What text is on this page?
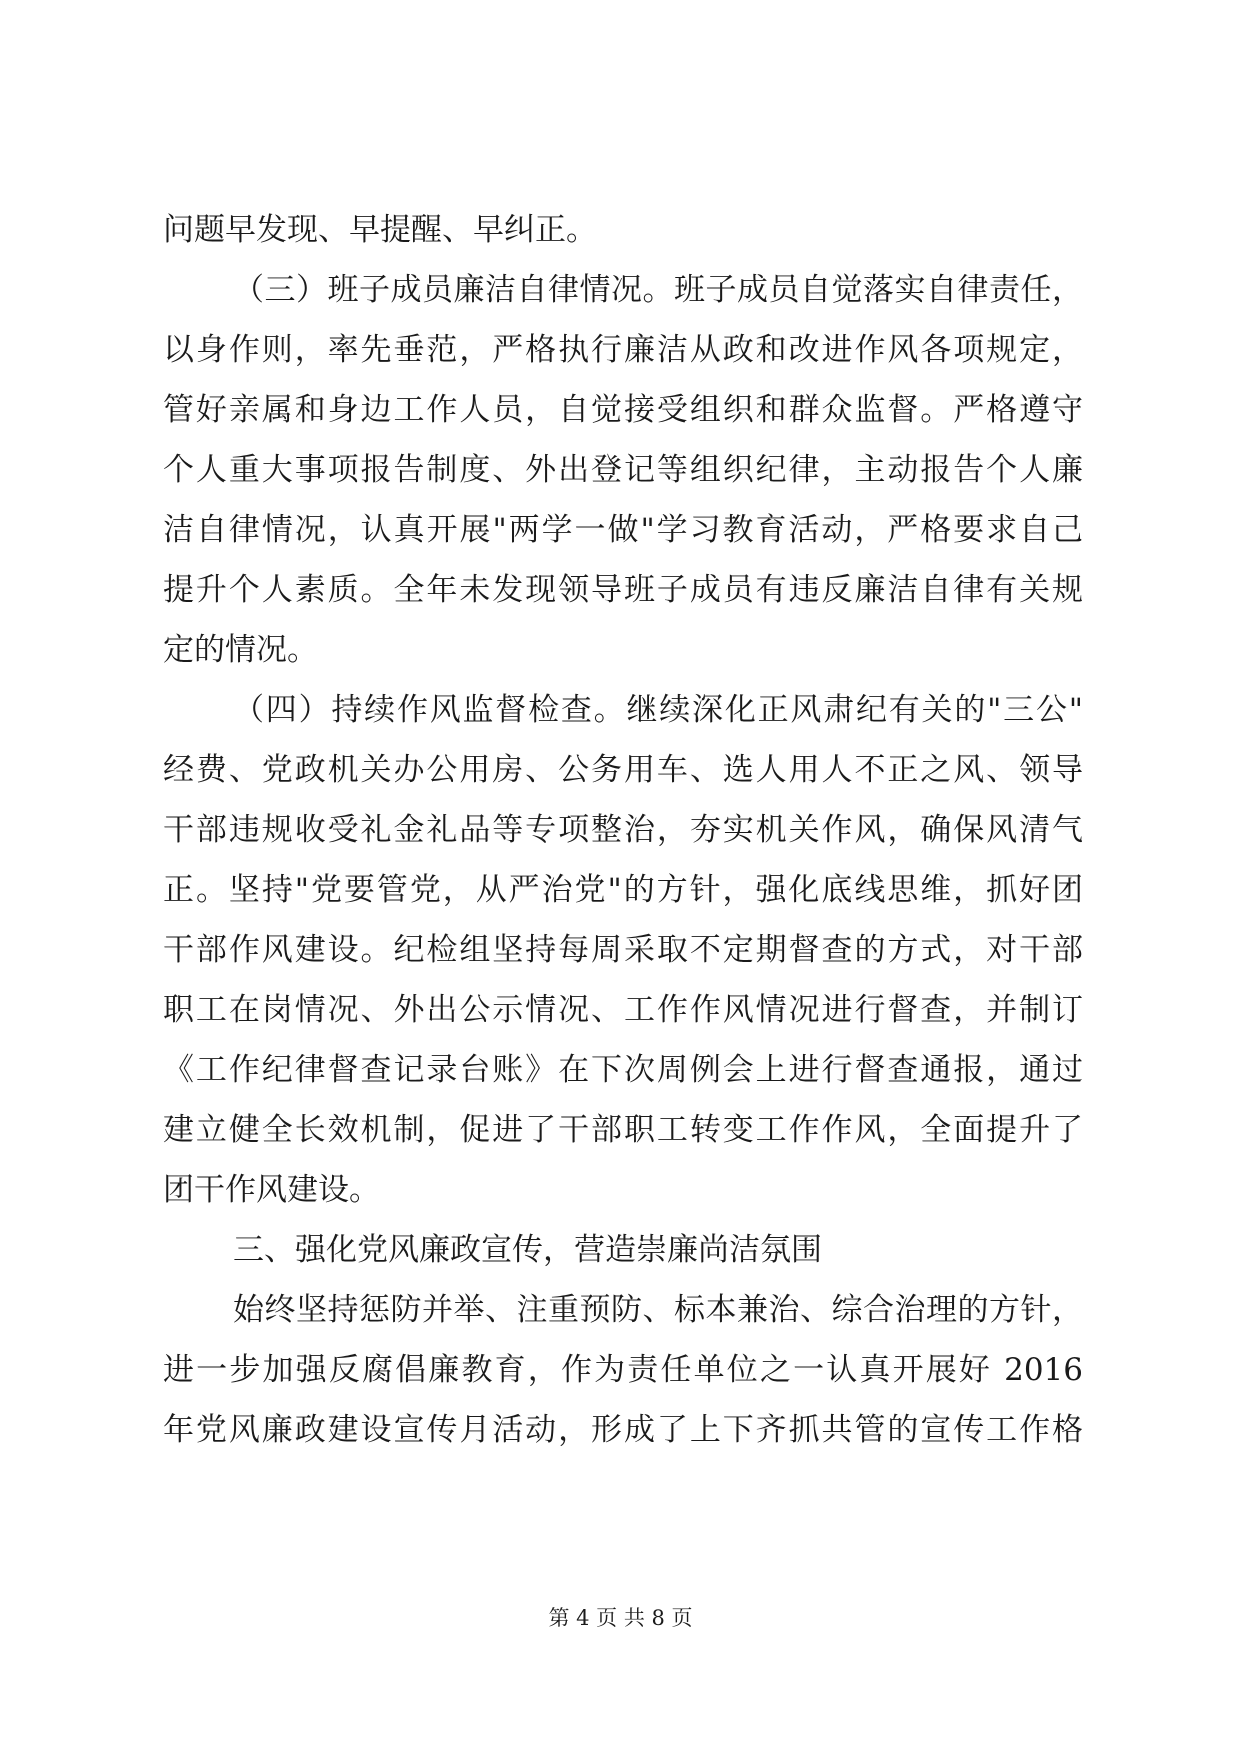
问题早发现、早提醒、早纠正。
（三）班子成员廉洁自律情况。班子成员自觉落实自律责任，
以身作则，率先垂范，严格执行廉洁从政和改进作风各项规定，
管好亲属和身边工作人员，自觉接受组织和群众监督。严格遵守
个人重大事项报告制度、外出登记等组织纪律，主动报告个人廉
洁自律情况，认真开展"两学一做"学习教育活动，严格要求自己
提升个人素质。全年未发现领导班子成员有违反廉洁自律有关规
定的情况。
（四）持续作风监督检查。继续深化正风肃纪有关的"三公"
经费、党政机关办公用房、公务用车、选人用人不正之风、领导
干部违规收受礼金礼品等专项整治，夯实机关作风，确保风清气
正。坚持"党要管党，从严治党"的方针，强化底线思维，抓好团
干部作风建设。纪检组坚持每周采取不定期督查的方式，对干部
职工在岗情况、外出公示情况、工作作风情况进行督查，并制订
《工作纪律督查记录台账》在下次周例会上进行督查通报，通过
建立健全长效机制，促进了干部职工转变工作作风，全面提升了
团干作风建设。
三、强化党风廉政宣传，营造崇廉尚洁氛围
始终坚持惩防并举、注重预防、标本兼治、综合治理的方针，
进一步加强反腐倡廉教育，作为责任单位之一认真开展好 2016
年党风廉政建设宣传月活动，形成了上下齐抓共管的宣传工作格
第 4 页 共 8 页
